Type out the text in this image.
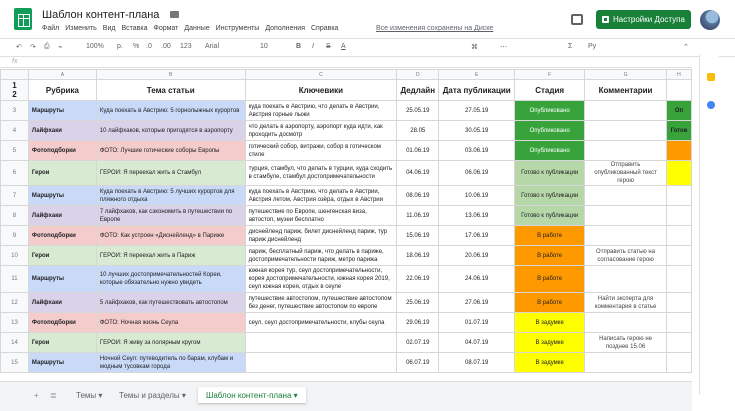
Шаблон контент-плана
Файл Изменить Вид Вставка Формат Данные Инструменты Дополнения Справка	Все изменения сохранены на Диске
Настройки Доступа
↶ ↷ ⎙ ⌁	100% р. % .0 .00 123 Arial	10	B I S A	⌘	⋯	Σ Ру	⌃
fx
	A	B	C	D	E	F	G	H
1
2	Рубрика	Тема статьи	Ключевики	Дедлайн	Дата публикации	Стадия	Комментарии	
3	Маршруты	Куда поехать в Австрию: 5 горнолыжных курортов	куда поехать в Австрию, что делать в Австрии, Австрия горные лыжи	25.05.19	27.05.19	Опубликовано		Оп
4	Лайфхаки	10 лайфхаков, которые пригодятся в аэропорту	что делать в аэропорту, аэропорт куда идти, как проходить досмотр	28.05	30.05.19	Опубликовано		Готов
5	Фотоподборки	ФОТО: Лучшие готические соборы Европы	готический собор, витражи, собор в готическом стиле	01.06.19	03.06.19	Опубликовано		
6	Герои	ГЕРОИ: Я переехал жить в Стамбул	турция, стамбул, что делать в турции, куда сходить в стамбуле, стамбул достопримечательности	04.06.19	06.06.19	Готово к публикации	Отправить опубликованный текст герою	
7	Маршруты	Куда поехать в Австрию: 5 лучших курортов для пляжного отдыха	куда поехать в Австрию, что делать в Австрии, Австрия летом, Австрия озёра, отдых в Австрии	08.06.19	10.06.19	Готово к публикации		
8	Лайфхаки	7 лайфхаков, как сэкономить в путешествии по Европе	путешествие по Европе, шенгенская виза, автостоп, музеи бесплатно	11.06.19	13.06.19	Готово к публикации		
9	Фотоподборки	ФОТО: Как устроен «Диснейленд» в Париже	диснейленд париж, билет диснейленд париж, тур париж диснейленд	15.06.19	17.06.19	В работе		
10	Герои	ГЕРОИ: Я переехал жить в Париж	париж, бесплатный париж, что делать в париже, достопримечательности париж, метро парижа	18.06.19	20.06.19	В работе	Отправить статью на согласование герою	
11	Маршруты	10 лучших достопримечательностей Кореи, которые обязательно нужно увидеть	южная корея тур, сеул достопримечательности, корея достопримечательности, южная корея 2019, сеул южная корея, отдых в сеуле	22.06.19	24.06.19	В работе		
12	Лайфхаки	5 лайфхаков, как путешествовать автостопом	путешествие автостопом, путешествие автостопом без денег, путешествие автостопом по европе	25.06.19	27.06.19	В работе	Найти эксперта для комментария в статье	
13	Фотоподборки	ФОТО: Ночная жизнь Сеула	сеул, сеул достопримечательности, клубы сеула	29.06.19	01.07.19	В задумке		
14	Герои	ГЕРОИ: Я живу за полярным кругом		02.07.19	04.07.19	В задумке	Написать герою не позднее 15.06	
15	Маршруты	Ночной Сеул: путеводитель по барам, клубам и модным тусовкам города		06.07.19	08.07.19	В задумке		
+ ≣ Темы ▾ Темы и разделы ▾	Шаблон контент-плана ▾
